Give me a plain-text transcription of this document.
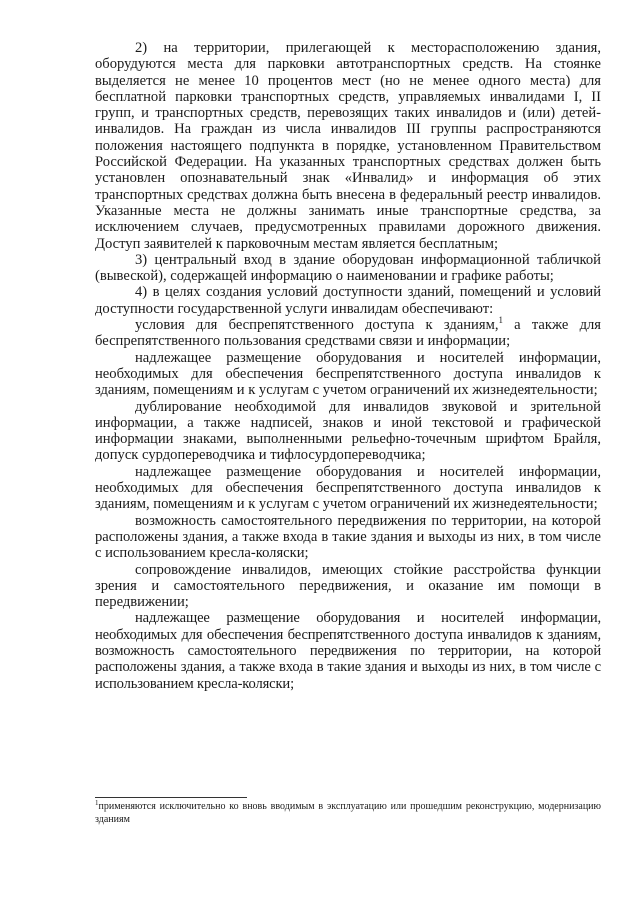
2) на территории, прилегающей к месторасположению здания, оборудуются места для парковки автотранспортных средств. На стоянке выделяется не менее 10 процентов мест (но не менее одного места) для бесплатной парковки транспортных средств, управляемых инвалидами I, II групп, и транспортных средств, перевозящих таких инвалидов и (или) детей-инвалидов. На граждан из числа инвалидов III группы распространяются положения настоящего подпункта в порядке, установленном Правительством Российской Федерации. На указанных транспортных средствах должен быть установлен опознавательный знак «Инвалид» и информация об этих транспортных средствах должна быть внесена в федеральный реестр инвалидов. Указанные места не должны занимать иные транспортные средства, за исключением случаев, предусмотренных правилами дорожного движения. Доступ заявителей к парковочным местам является бесплатным;

3) центральный вход в здание оборудован информационной табличкой (вывеской), содержащей информацию о наименовании и графике работы;

4) в целях создания условий доступности зданий, помещений и условий доступности государственной услуги инвалидам обеспечивают:

условия для беспрепятственного доступа к зданиям,$^1$ а также для беспрепятственного пользования средствами связи и информации;

надлежащее размещение оборудования и носителей информации, необходимых для обеспечения беспрепятственного доступа инвалидов к зданиям, помещениям и к услугам с учетом ограничений их жизнедеятельности;

дублирование необходимой для инвалидов звуковой и зрительной информации, а также надписей, знаков и иной текстовой и графической информации знаками, выполненными рельефно-точечным шрифтом Брайля, допуск сурдопереводчика и тифлосурдопереводчика;

надлежащее размещение оборудования и носителей информации, необходимых для обеспечения беспрепятственного доступа инвалидов к зданиям, помещениям и к услугам с учетом ограничений их жизнедеятельности;

возможность самостоятельного передвижения по территории, на которой расположены здания, а также входа в такие здания и выходы из них, в том числе с использованием кресла-коляски;

сопровождение инвалидов, имеющих стойкие расстройства функции зрения и самостоятельного передвижения, и оказание им помощи в передвижении;

надлежащее размещение оборудования и носителей информации, необходимых для обеспечения беспрепятственного доступа инвалидов к зданиям, возможность самостоятельного передвижения по территории, на которой расположены здания, а также входа в такие здания и выходы из них, в том числе с использованием кресла-коляски;

$^1$применяются исключительно ко вновь вводимым в эксплуатацию или прошедшим реконструкцию, модернизацию зданиям
